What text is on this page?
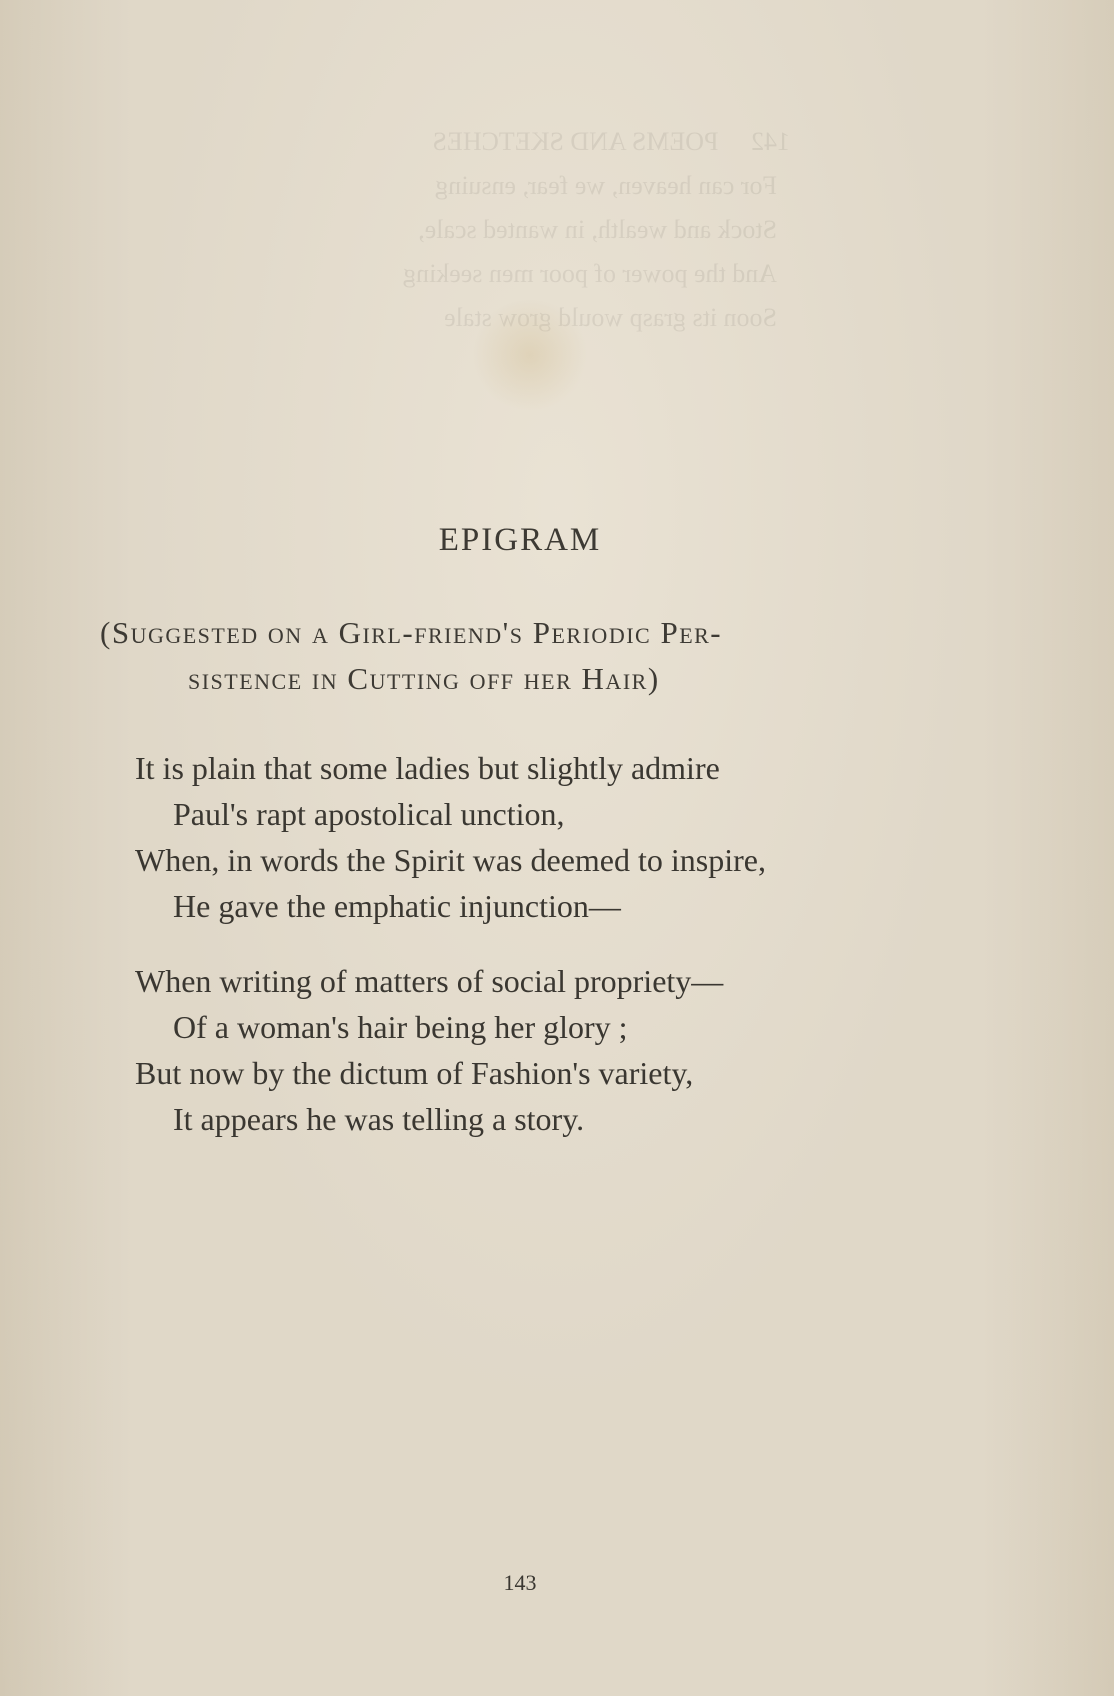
142     POEMS AND SKETCHES
For can heaven, we fear, ensuing
Stock and wealth, in wanted scale,
And the power of poor men seeking
Soon its grasp would grow stale
EPIGRAM
(Suggested on a Girl-friend's Periodic Per-
sistence in Cutting off her Hair)
It is plain that some ladies but slightly admire
Paul's rapt apostolical unction,
When, in words the Spirit was deemed to inspire,
He gave the emphatic injunction—
When writing of matters of social propriety—
Of a woman's hair being her glory ;
But now by the dictum of Fashion's variety,
It appears he was telling a story.
143
